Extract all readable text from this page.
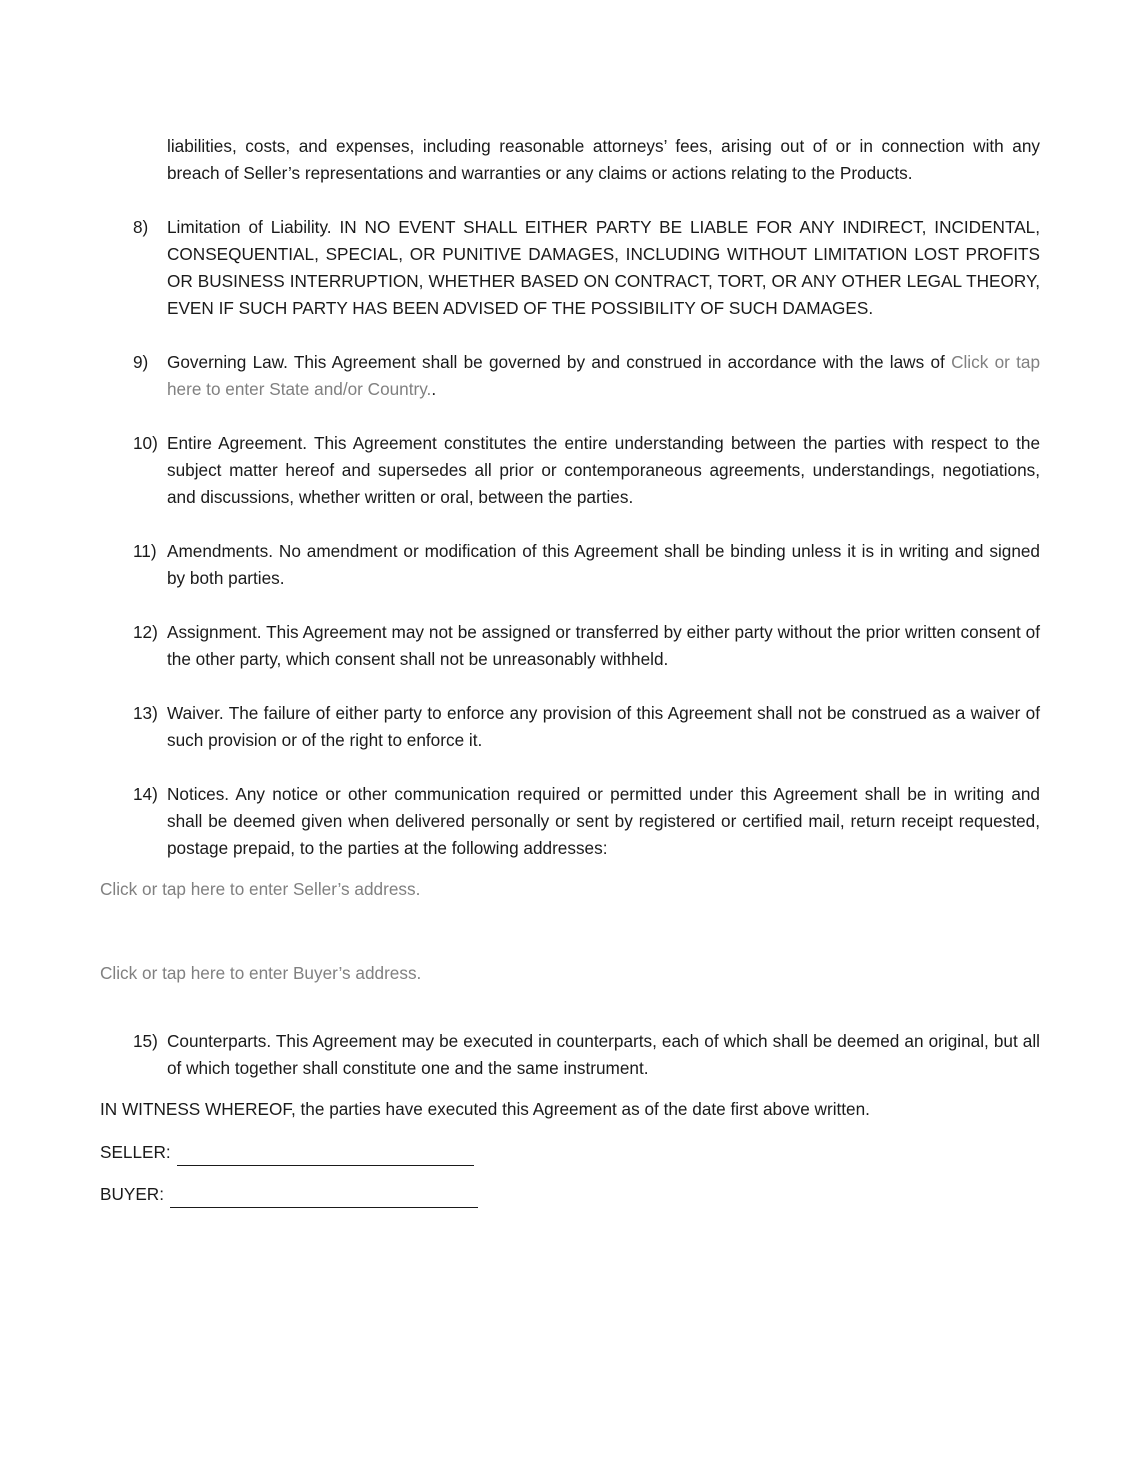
liabilities, costs, and expenses, including reasonable attorneys’ fees, arising out of or in connection with any breach of Seller’s representations and warranties or any claims or actions relating to the Products.

8) Limitation of Liability. IN NO EVENT SHALL EITHER PARTY BE LIABLE FOR ANY INDIRECT, INCIDENTAL, CONSEQUENTIAL, SPECIAL, OR PUNITIVE DAMAGES, INCLUDING WITHOUT LIMITATION LOST PROFITS OR BUSINESS INTERRUPTION, WHETHER BASED ON CONTRACT, TORT, OR ANY OTHER LEGAL THEORY, EVEN IF SUCH PARTY HAS BEEN ADVISED OF THE POSSIBILITY OF SUCH DAMAGES.
9) Governing Law. This Agreement shall be governed by and construed in accordance with the laws of Click or tap here to enter State and/or Country..
10) Entire Agreement. This Agreement constitutes the entire understanding between the parties with respect to the subject matter hereof and supersedes all prior or contemporaneous agreements, understandings, negotiations, and discussions, whether written or oral, between the parties.
11) Amendments. No amendment or modification of this Agreement shall be binding unless it is in writing and signed by both parties.
12) Assignment. This Agreement may not be assigned or transferred by either party without the prior written consent of the other party, which consent shall not be unreasonably withheld.
13) Waiver. The failure of either party to enforce any provision of this Agreement shall not be construed as a waiver of such provision or of the right to enforce it.
14) Notices. Any notice or other communication required or permitted under this Agreement shall be in writing and shall be deemed given when delivered personally or sent by registered or certified mail, return receipt requested, postage prepaid, to the parties at the following addresses:

Click or tap here to enter Seller’s address.

Click or tap here to enter Buyer’s address.

15) Counterparts. This Agreement may be executed in counterparts, each of which shall be deemed an original, but all of which together shall constitute one and the same instrument.

IN WITNESS WHEREOF, the parties have executed this Agreement as of the date first above written.

SELLER:
BUYER:
